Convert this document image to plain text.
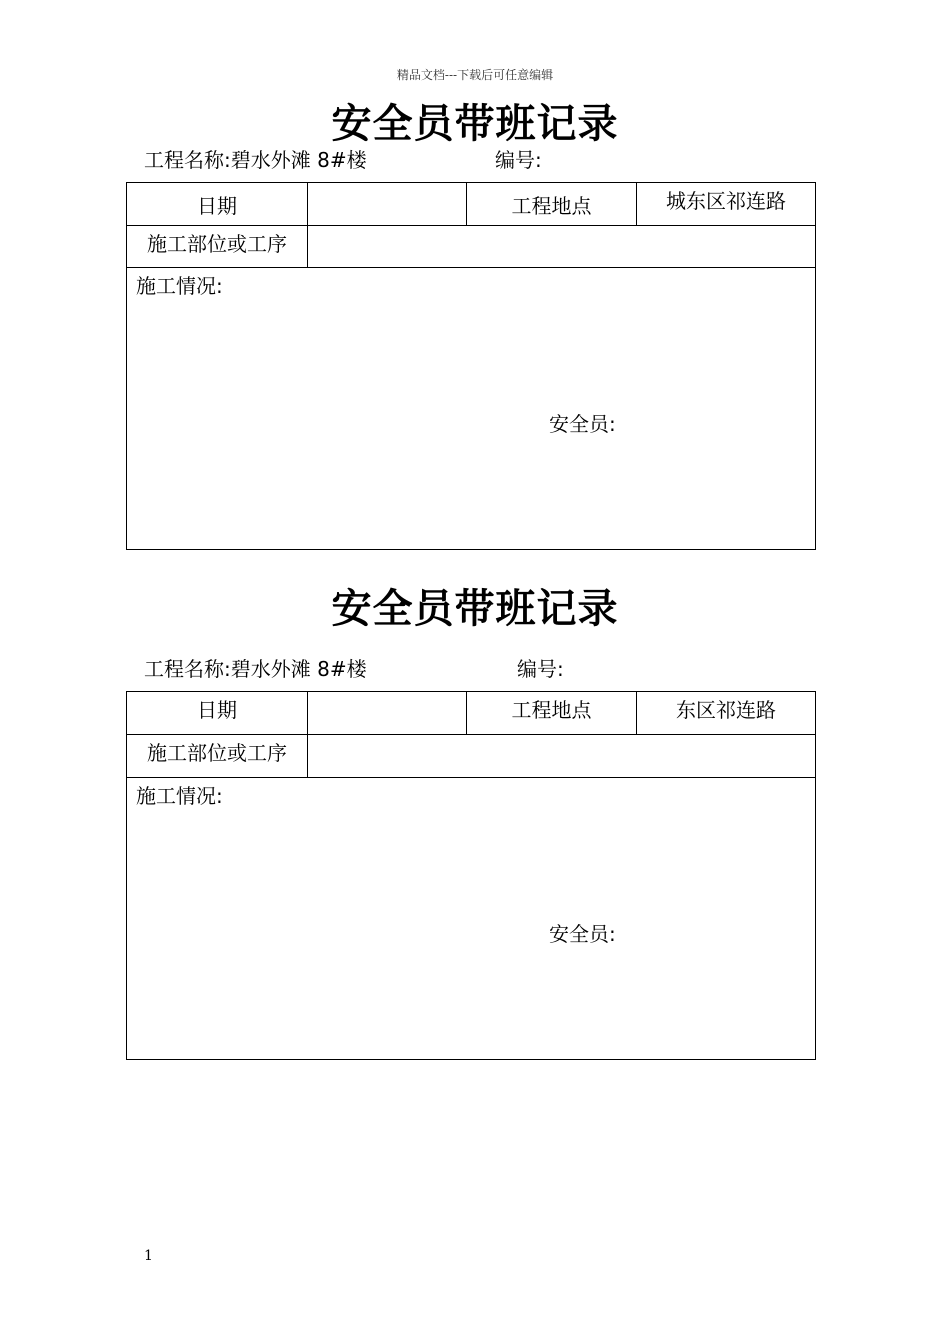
精品文档---下载后可任意编辑
安全员带班记录
工程名称:碧水外滩 8#楼	编号:
日期		工程地点	城东区祁连路
施工部位或工序			

施工情况:
安全员:			
安全员带班记录
工程名称:碧水外滩 8#楼	编号:
日期		工程地点	东区祁连路
施工部位或工序			

施工情况:
安全员:			
1
